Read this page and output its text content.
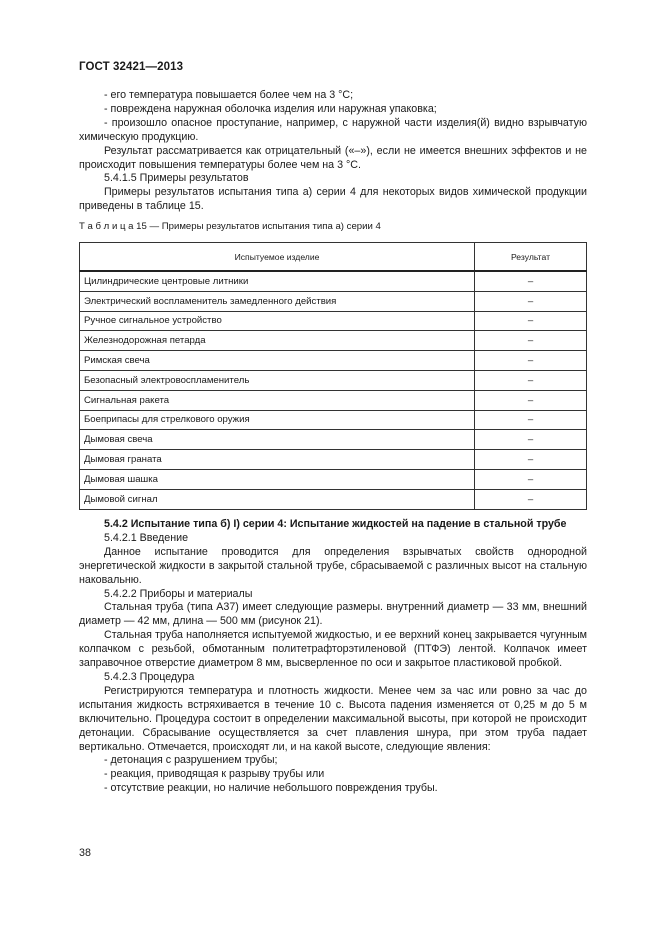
ГОСТ 32421—2013

- его температура повышается более чем на 3 °С;

- повреждена наружная оболочка изделия или наружная упаковка;

- произошло опасное проступание, например, с наружной части изделия(й) видно взрывчатую химическую продукцию.

Результат рассматривается как отрицательный («–»), если не имеется внешних эффектов и не происходит повышения температуры более чем на 3 °С.

5.4.1.5 Примеры результатов

Примеры результатов испытания типа а) серии 4 для некоторых видов химической продукции приведены в таблице 15.

Т а б л и ц а 15 — Примеры результатов испытания типа а) серии 4
Испытуемое изделие	Результат
Цилиндрические центровые литники	–
Электрический воспламенитель замедленного действия	–
Ручное сигнальное устройство	–
Железнодорожная петарда	–
Римская свеча	–
Безопасный электровоспламенитель	–
Сигнальная ракета	–
Боеприпасы для стрелкового оружия	–
Дымовая свеча	–
Дымовая граната	–
Дымовая шашка	–
Дымовой сигнал	–

5.4.2 Испытание типа б) I) серии 4: Испытание жидкостей на падение в стальной трубе

5.4.2.1 Введение

Данное испытание проводится для определения взрывчатых свойств однородной энергетической жидкости в закрытой стальной трубе, сбрасываемой с различных высот на стальную наковальню.

5.4.2.2 Приборы и материалы

Стальная труба (типа А37) имеет следующие размеры. внутренний диаметр — 33 мм, внешний диаметр — 42 мм, длина — 500 мм (рисунок 21).

Стальная труба наполняется испытуемой жидкостью, и ее верхний конец закрывается чугунным колпачком с резьбой, обмотанным политетрафторэтиленовой (ПТФЭ) лентой. Колпачок имеет заправочное отверстие диаметром 8 мм, высверленное по оси и закрытое пластиковой пробкой.

5.4.2.3 Процедура

Регистрируются температура и плотность жидкости. Менее чем за час или ровно за час до испытания жидкость встряхивается в течение 10 с. Высота падения изменяется от 0,25 м до 5 м включительно. Процедура состоит в определении максимальной высоты, при которой не происходит детонации. Сбрасывание осуществляется за счет плавления шнура, при этом труба падает вертикально. Отмечается, происходят ли, и на какой высоте, следующие явления:

- детонация с разрушением трубы;

- реакция, приводящая к разрыву трубы или

- отсутствие реакции, но наличие небольшого повреждения трубы.

38
